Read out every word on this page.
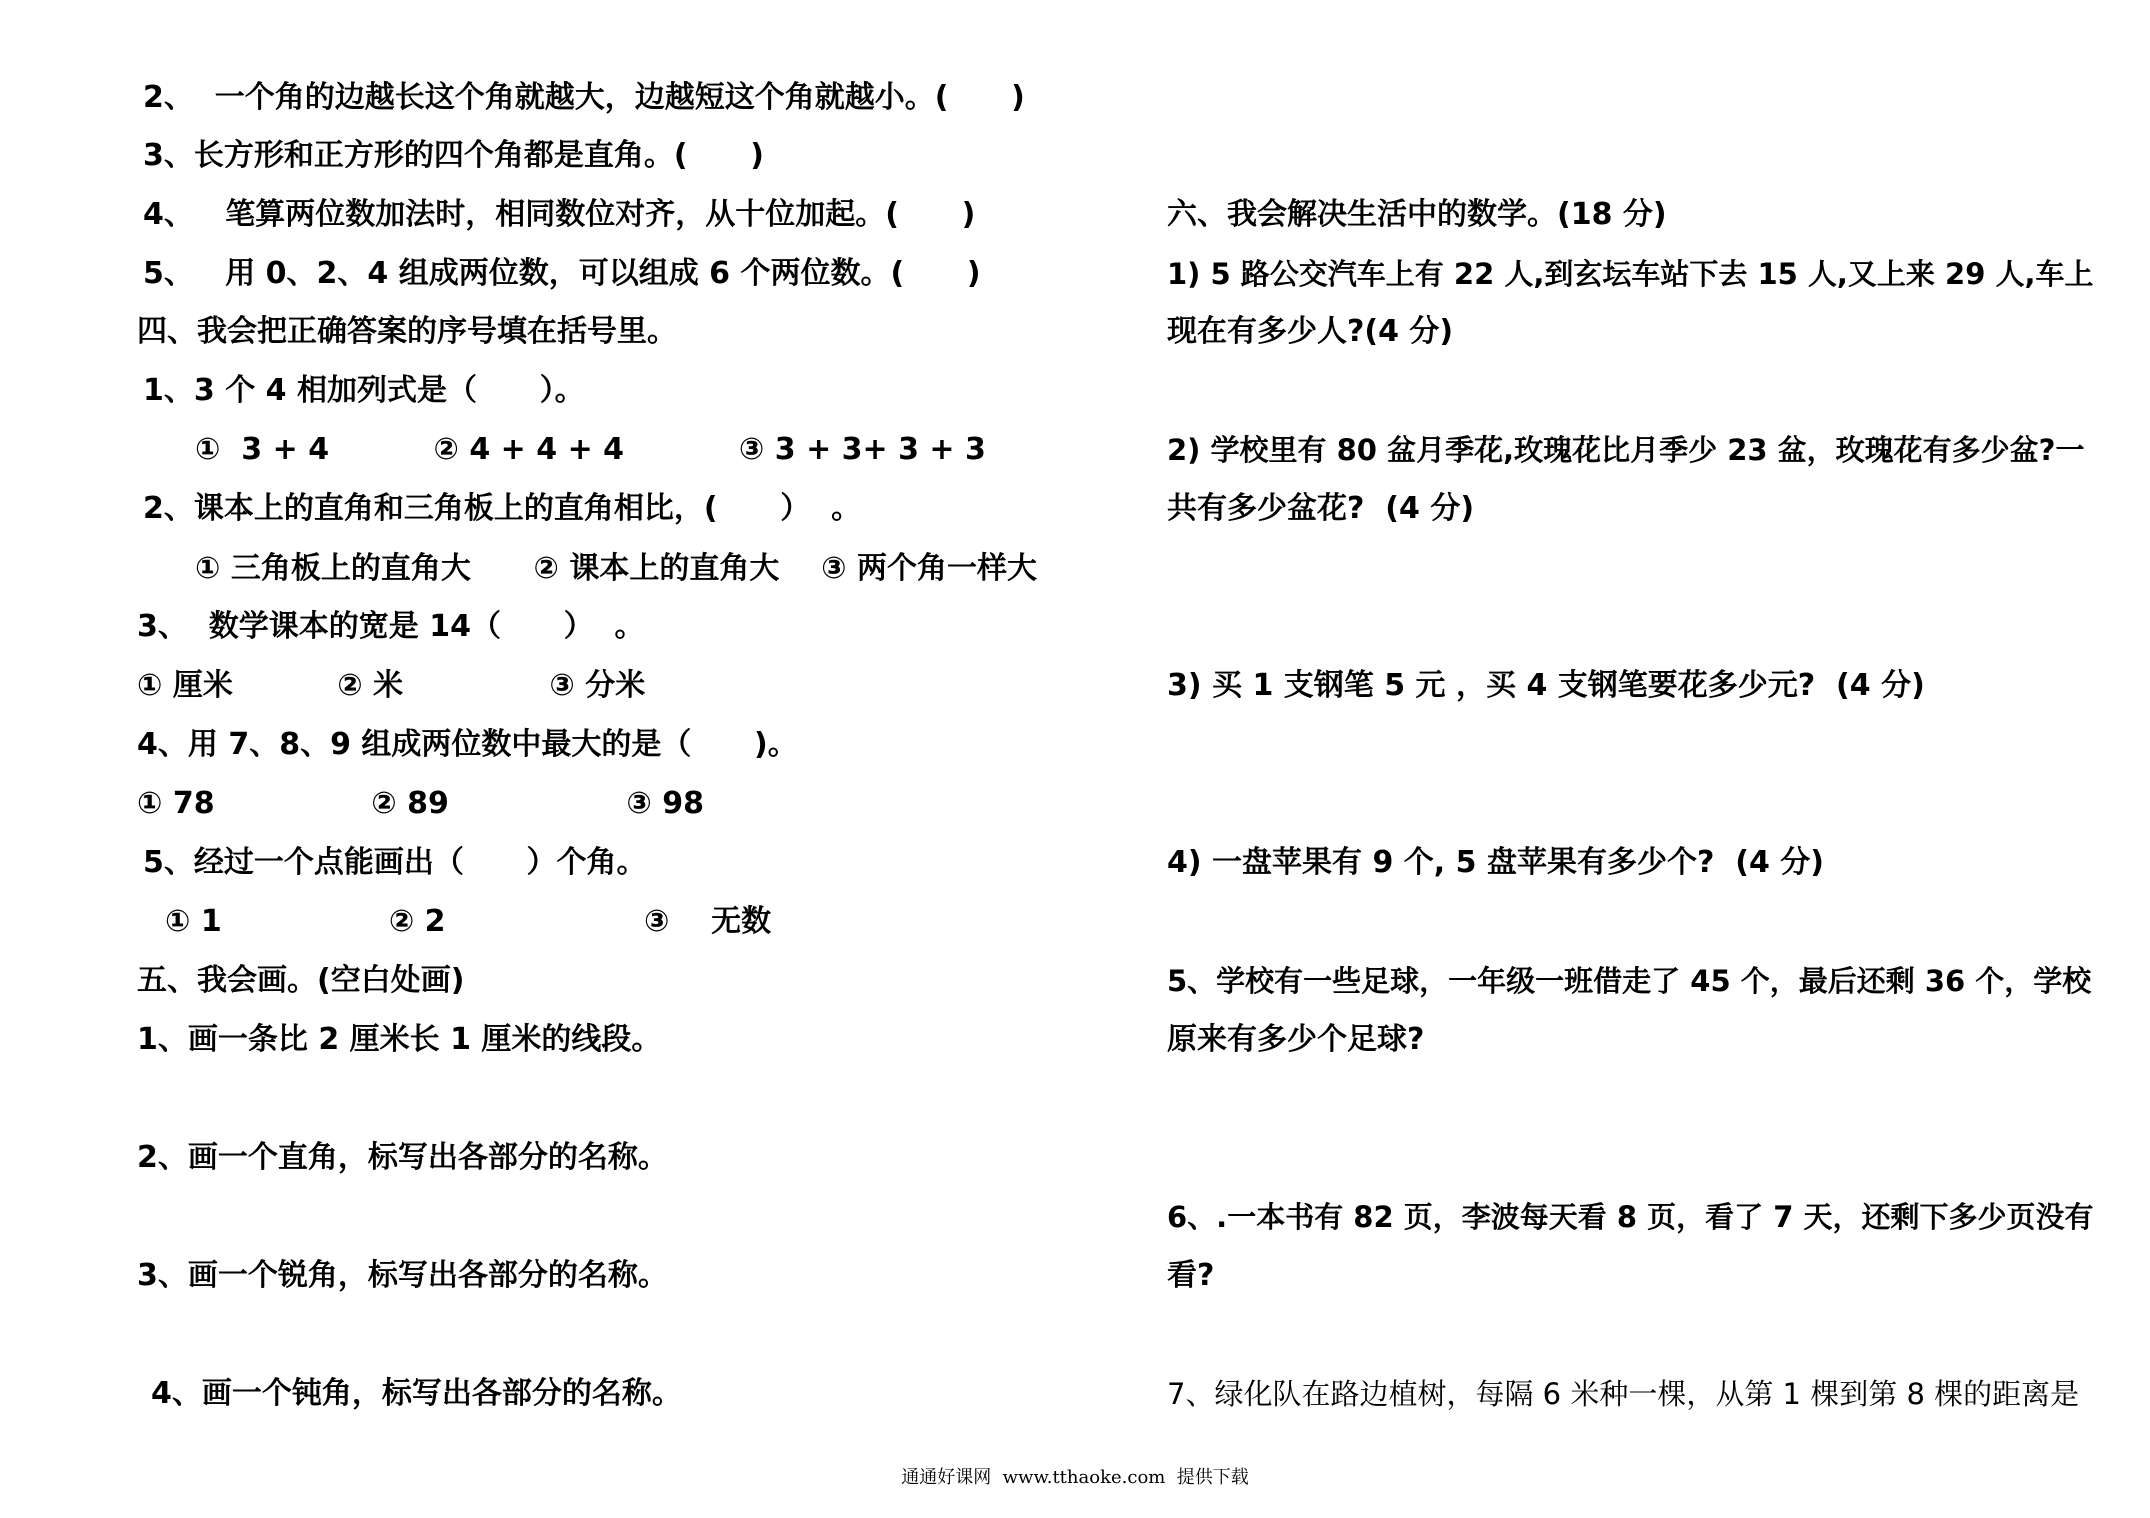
2、  一个角的边越长这个角就越大，边越短这个角就越小。(      )
3、长方形和正方形的四个角都是直角。(      )
4、   笔算两位数加法时，相同数位对齐，从十位加起。(      )
5、   用 0、2、4 组成两位数，可以组成 6 个两位数。(      )
四、我会把正确答案的序号填在括号里。
1、3 个 4 相加列式是（      ）。
①  3 + 4          ② 4 + 4 + 4           ③ 3 + 3+ 3 + 3
2、课本上的直角和三角板上的直角相比，(      ）  。
① 三角板上的直角大      ② 课本上的直角大    ③ 两个角一样大
3、  数学课本的宽是 14（      ）  。
① 厘米          ② 米              ③ 分米
4、用 7、8、9 组成两位数中最大的是（      )。
① 78               ② 89                 ③ 98
5、经过一个点能画出（      ）个角。
① 1                ② 2                   ③    无数
五、我会画。(空白处画)
1、画一条比 2 厘米长 1 厘米的线段。
2、画一个直角，标写出各部分的名称。
3、画一个锐角，标写出各部分的名称。
4、画一个钝角，标写出各部分的名称。
六、我会解决生活中的数学。(18 分)
1) 5 路公交汽车上有 22 人,到玄坛车站下去 15 人,又上来 29 人,车上
现在有多少人?(4 分)
2) 学校里有 80 盆月季花,玫瑰花比月季少 23 盆，玫瑰花有多少盆?一
共有多少盆花?  (4 分)
3) 买 1 支钢笔 5 元 ，买 4 支钢笔要花多少元?  (4 分)
4) 一盘苹果有 9 个, 5 盘苹果有多少个?  (4 分)
5、学校有一些足球，一年级一班借走了 45 个，最后还剩 36 个，学校
原来有多少个足球?
6、.一本书有 82 页，李波每天看 8 页，看了 7 天，还剩下多少页没有
看?
7、绿化队在路边植树，每隔 6 米种一棵，从第 1 棵到第 8 棵的距离是
通通好课网  www.tthaoke.com  提供下载
